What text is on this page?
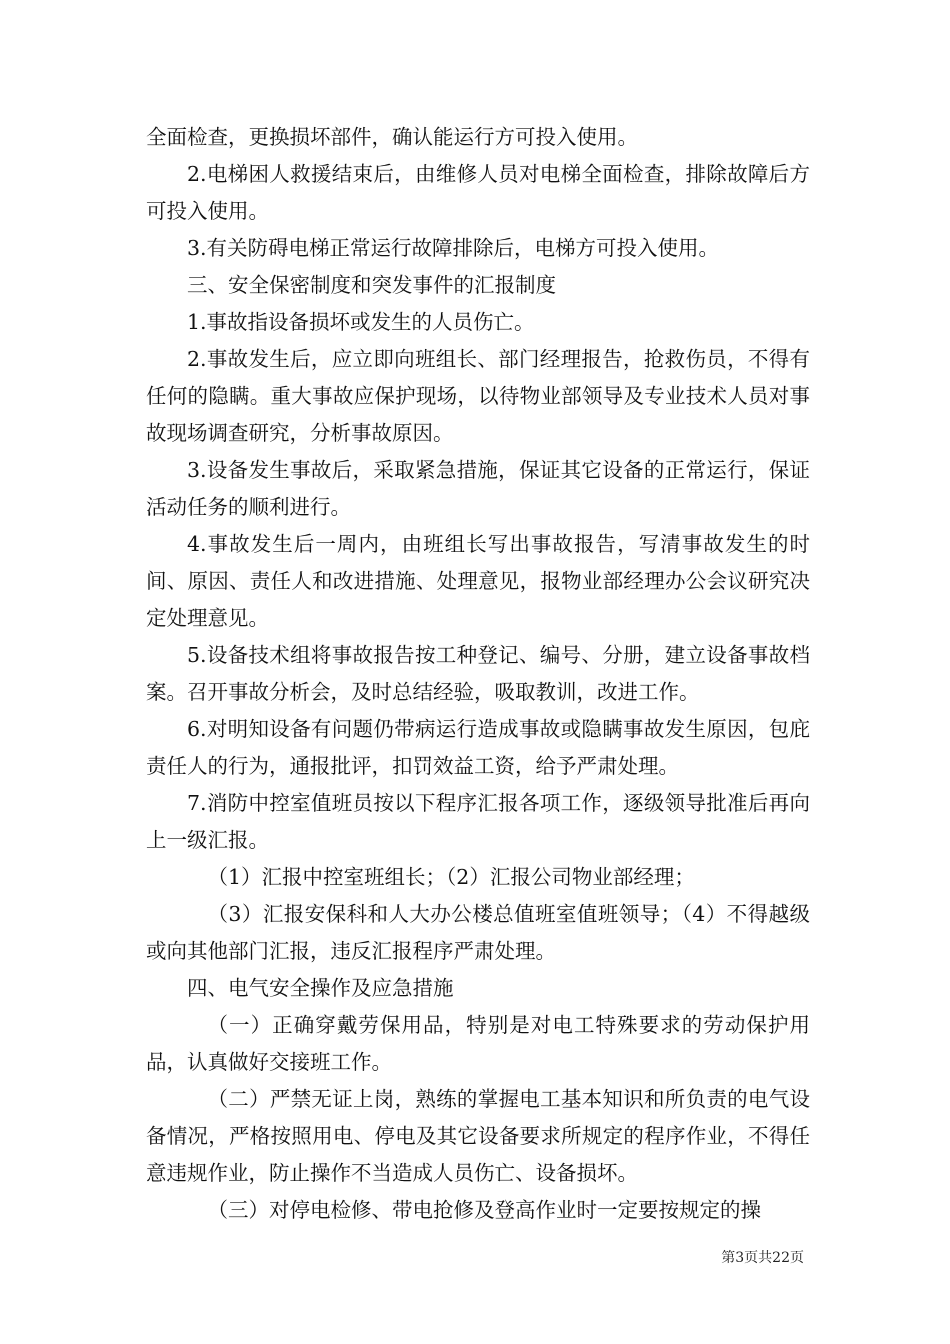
全面检查，更换损坏部件，确认能运行方可投入使用。

2.电梯困人救援结束后，由维修人员对电梯全面检查，排除故障后方可投入使用。

3.有关防碍电梯正常运行故障排除后，电梯方可投入使用。

三、安全保密制度和突发事件的汇报制度

1.事故指设备损坏或发生的人员伤亡。

2.事故发生后，应立即向班组长、部门经理报告，抢救伤员，不得有任何的隐瞒。重大事故应保护现场，以待物业部领导及专业技术人员对事故现场调查研究，分析事故原因。

3.设备发生事故后，采取紧急措施，保证其它设备的正常运行，保证活动任务的顺利进行。

4.事故发生后一周内，由班组长写出事故报告，写清事故发生的时间、原因、责任人和改进措施、处理意见，报物业部经理办公会议研究决定处理意见。

5.设备技术组将事故报告按工种登记、编号、分册，建立设备事故档案。召开事故分析会，及时总结经验，吸取教训，改进工作。

6.对明知设备有问题仍带病运行造成事故或隐瞒事故发生原因，包庇责任人的行为，通报批评，扣罚效益工资，给予严肃处理。

7.消防中控室值班员按以下程序汇报各项工作，逐级领导批准后再向上一级汇报。

（1）汇报中控室班组长；（2）汇报公司物业部经理；

（3）汇报安保科和人大办公楼总值班室值班领导；（4）不得越级或向其他部门汇报，违反汇报程序严肃处理。

四、电气安全操作及应急措施

（一）正确穿戴劳保用品，特别是对电工特殊要求的劳动保护用品，认真做好交接班工作。

（二）严禁无证上岗，熟练的掌握电工基本知识和所负责的电气设备情况，严格按照用电、停电及其它设备要求所规定的程序作业，不得任意违规作业，防止操作不当造成人员伤亡、设备损坏。

（三）对停电检修、带电抢修及登高作业时一定要按规定的操

第3页共22页
